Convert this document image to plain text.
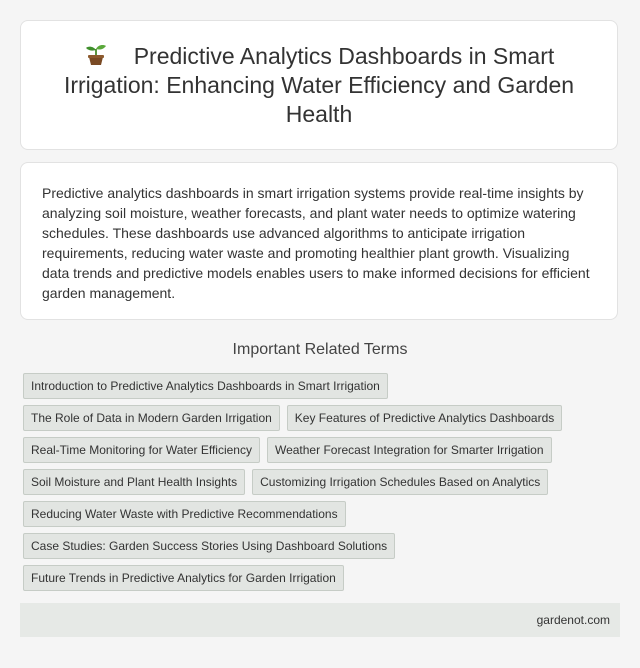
Predictive Analytics Dashboards in Smart Irrigation: Enhancing Water Efficiency and Garden Health

Predictive analytics dashboards in smart irrigation systems provide real-time insights by analyzing soil moisture, weather forecasts, and plant water needs to optimize watering schedules. These dashboards use advanced algorithms to anticipate irrigation requirements, reducing water waste and promoting healthier plant growth. Visualizing data trends and predictive models enables users to make informed decisions for efficient garden management.

Important Related Terms
Introduction to Predictive Analytics Dashboards in Smart Irrigation
The Role of Data in Modern Garden Irrigation	Key Features of Predictive Analytics Dashboards
Real-Time Monitoring for Water Efficiency	Weather Forecast Integration for Smarter Irrigation
Soil Moisture and Plant Health Insights	Customizing Irrigation Schedules Based on Analytics
Reducing Water Waste with Predictive Recommendations
Case Studies: Garden Success Stories Using Dashboard Solutions
Future Trends in Predictive Analytics for Garden Irrigation
gardenot.com
